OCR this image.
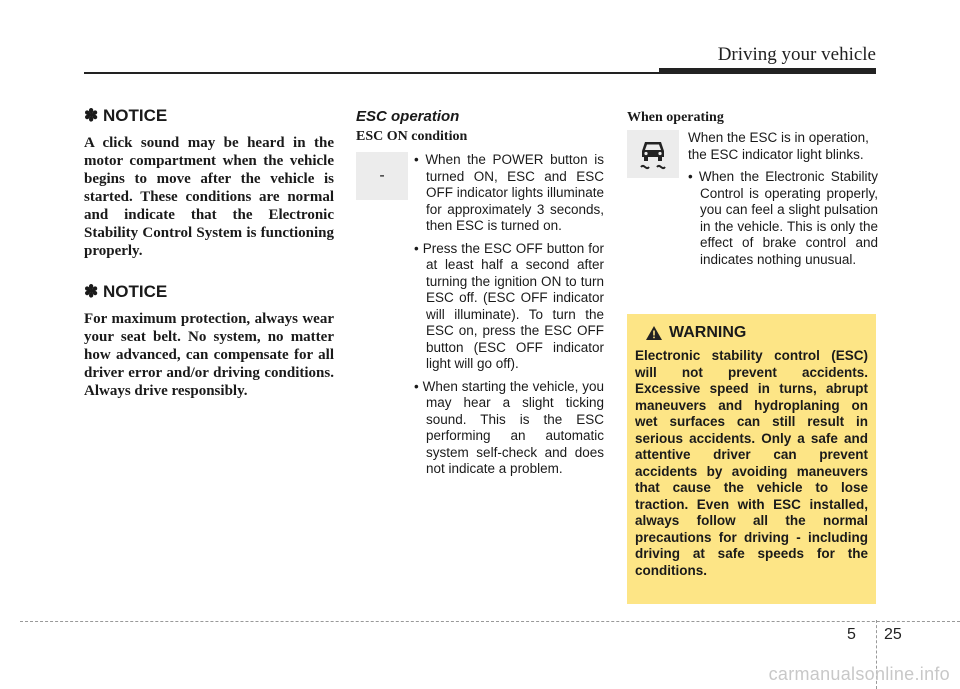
Driving your vehicle

✽ NOTICE

A click sound may be heard in the motor compartment when the vehicle begins to move after the vehicle is started. These conditions are normal and indicate that the Electronic Stability Control System is functioning properly.

✽ NOTICE

For maximum protection, always wear your seat belt. No system, no matter how advanced, can compensate for all driver error and/or driving conditions. Always drive responsibly.

ESC operation

ESC ON condition

-

• When the POWER button is turned ON, ESC and ESC OFF indicator lights illuminate for approximately 3 seconds, then ESC is turned on.

• Press the ESC OFF button for at least half a second after turning the ignition ON to turn ESC off. (ESC OFF indicator will illuminate). To turn the ESC on, press the ESC OFF button (ESC OFF indicator light will go off).

• When starting the vehicle, you may hear a slight ticking sound. This is the ESC performing an automatic system self-check and does not indicate a problem.

When operating

When the ESC is in operation, the ESC indicator light blinks.

• When the Electronic Stability Control is operating properly, you can feel a slight pulsation in the vehicle. This is only the effect of brake control and indicates nothing unusual.

WARNING

Electronic stability control (ESC) will not prevent accidents. Excessive speed in turns, abrupt maneuvers and hydroplaning on wet surfaces can still result in serious accidents. Only a safe and attentive driver can prevent accidents by avoiding maneuvers that cause the vehicle to lose traction. Even with ESC installed, always follow all the normal precautions for driving - including driving at safe speeds for the conditions.

5 25
carmanualsonline.info
